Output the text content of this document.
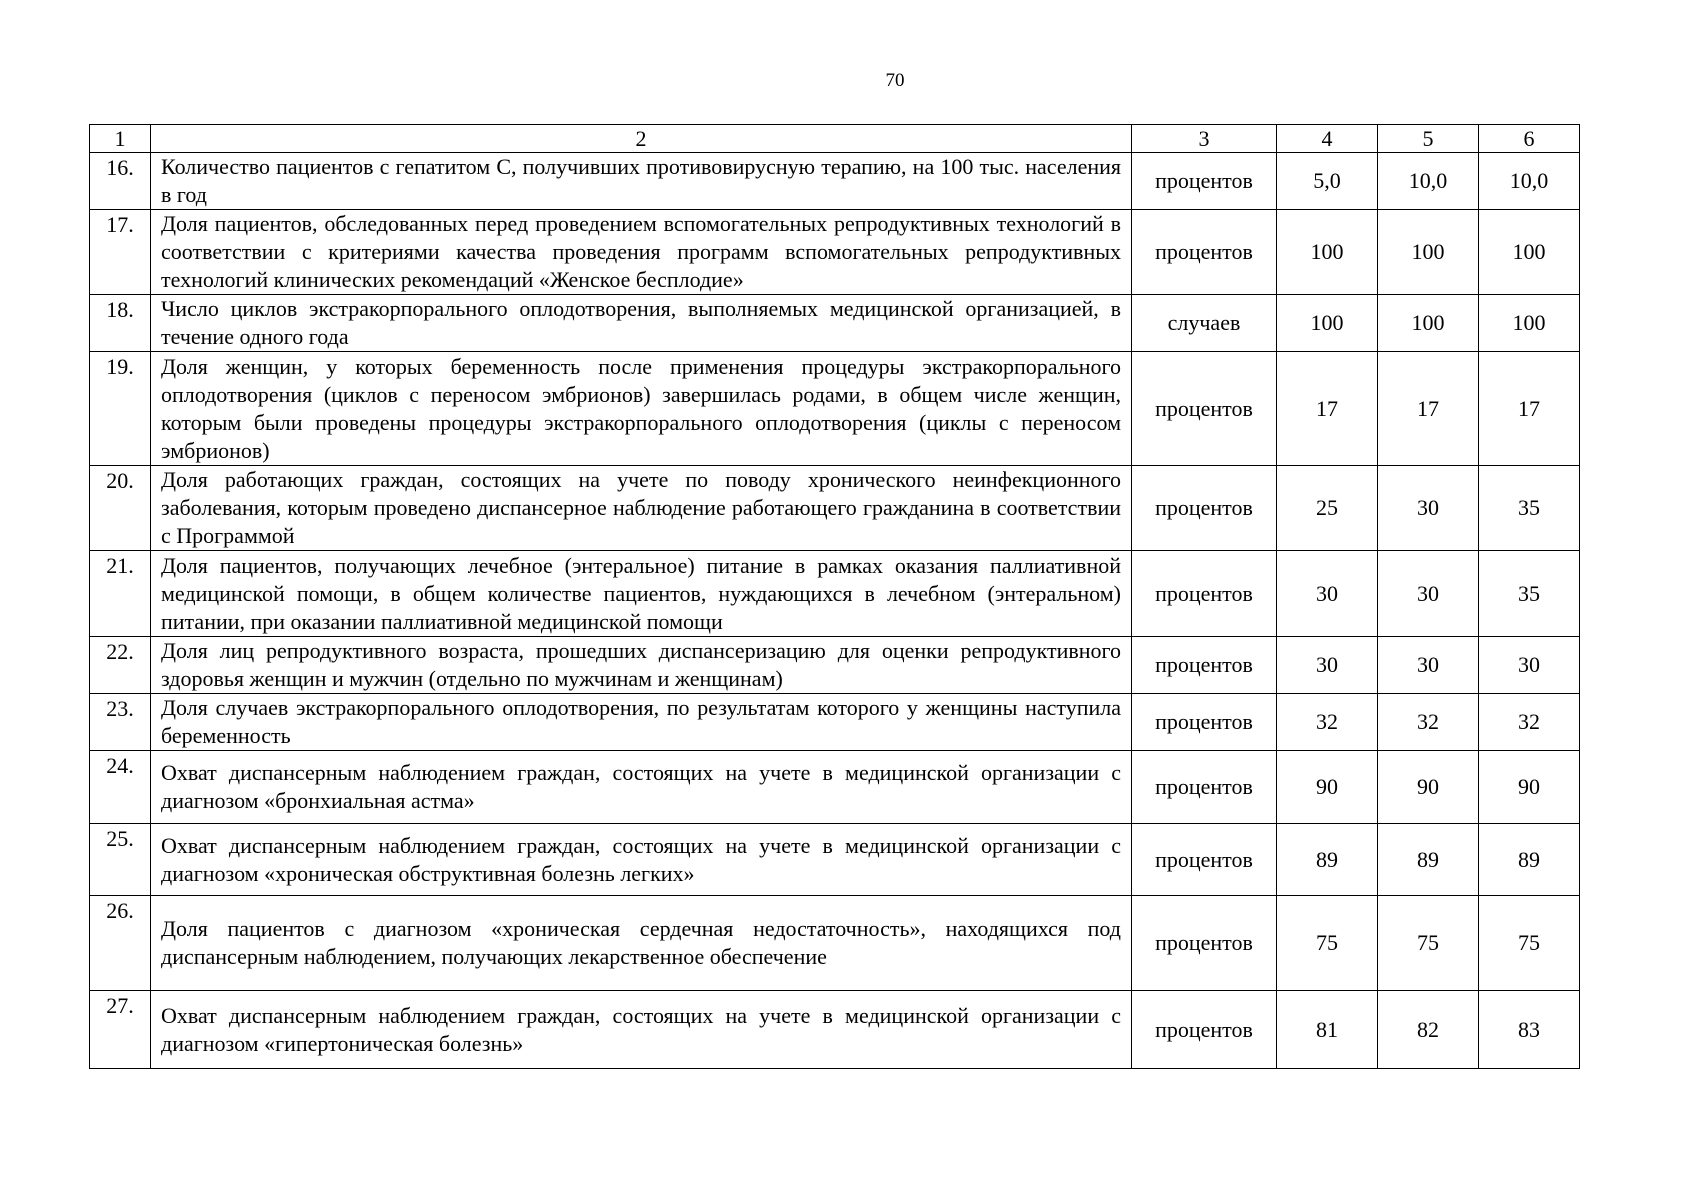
70
1	2	3	4	5	6
16.	Количество пациентов с гепатитом С, получивших противовирусную терапию, на 100 тыс. населения в год	процентов	5,0	10,0	10,0
17.	Доля пациентов, обследованных перед проведением вспомогательных репродуктивных технологий в соответствии с критериями качества проведения программ вспомогательных репродуктивных технологий клинических рекомендаций «Женское бесплодие»	процентов	100	100	100
18.	Число циклов экстракорпорального оплодотворения, выполняемых медицинской организацией, в течение одного года	случаев	100	100	100
19.	Доля женщин, у которых беременность после применения процедуры экстракорпорального оплодотворения (циклов с переносом эмбрионов) завершилась родами, в общем числе женщин, которым были проведены процедуры экстракорпорального оплодотворения (циклы с переносом эмбрионов)	процентов	17	17	17
20.	Доля работающих граждан, состоящих на учете по поводу хронического неинфекционного заболевания, которым проведено диспансерное наблюдение работающего гражданина в соответствии с Программой	процентов	25	30	35
21.	Доля пациентов, получающих лечебное (энтеральное) питание в рамках оказания паллиативной медицинской помощи, в общем количестве пациентов, нуждающихся в лечебном (энтеральном) питании, при оказании паллиативной медицинской помощи	процентов	30	30	35
22.	Доля лиц репродуктивного возраста, прошедших диспансеризацию для оценки репродуктивного здоровья женщин и мужчин (отдельно по мужчинам и женщинам)	процентов	30	30	30
23.	Доля случаев экстракорпорального оплодотворения, по результатам которого у женщины наступила беременность	процентов	32	32	32
24.	Охват диспансерным наблюдением граждан, состоящих на учете в медицинской организации с диагнозом «бронхиальная астма»	процентов	90	90	90
25.	Охват диспансерным наблюдением граждан, состоящих на учете в медицинской организации с диагнозом «хроническая обструктивная болезнь легких»	процентов	89	89	89
26.	Доля пациентов с диагнозом «хроническая сердечная недостаточность», находящихся под диспансерным наблюдением, получающих лекарственное обеспечение	процентов	75	75	75
27.	Охват диспансерным наблюдением граждан, состоящих на учете в медицинской организации с диагнозом «гипертоническая болезнь»	процентов	81	82	83
